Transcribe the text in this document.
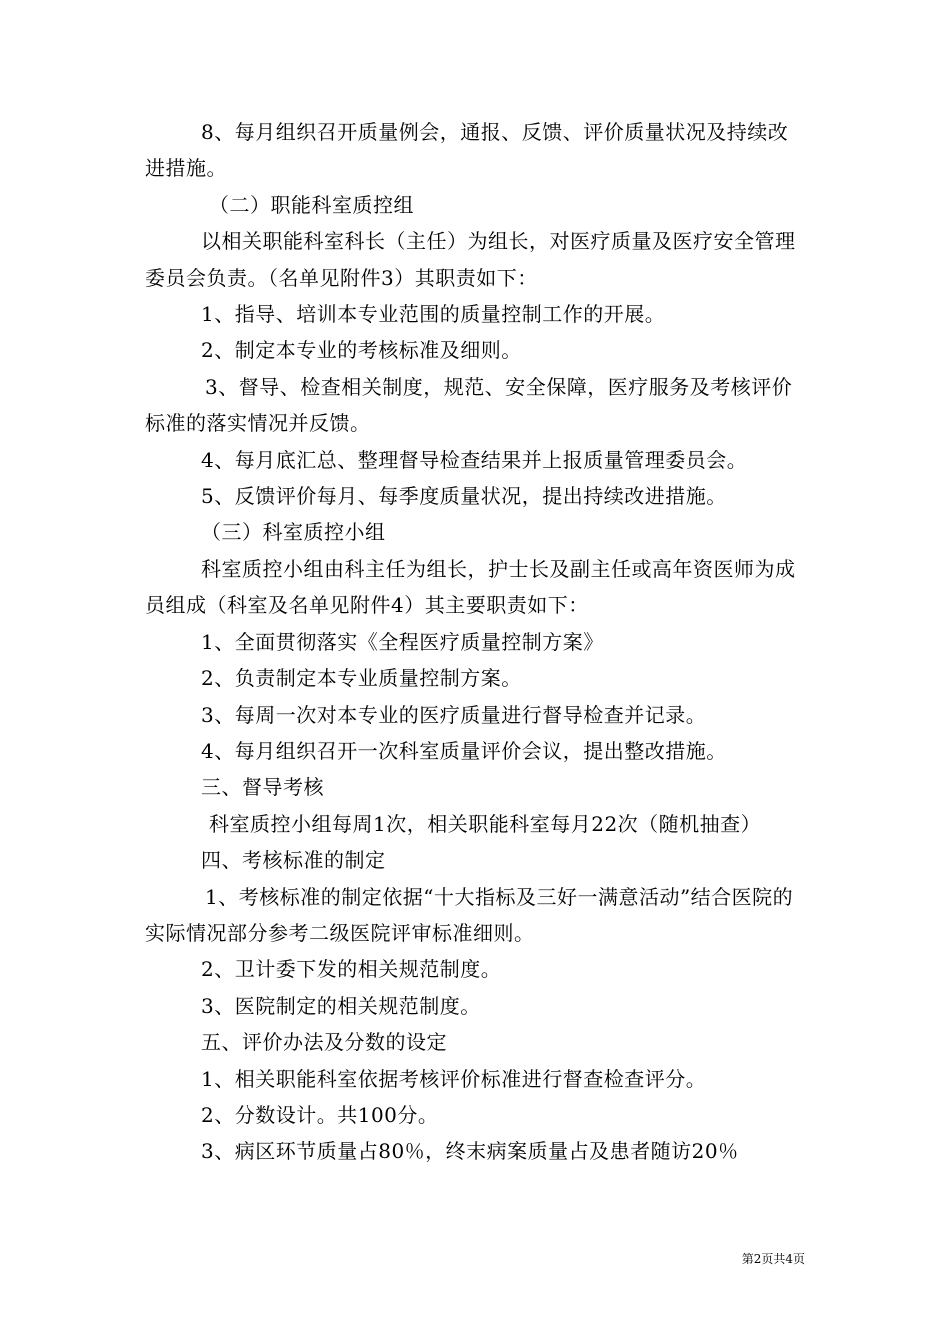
8、每月组织召开质量例会，通报、反馈、评价质量状况及持续改进措施。

（二）职能科室质控组

以相关职能科室科长（主任）为组长，对医疗质量及医疗安全管理委员会负责。（名单见附件3）其职责如下：

1、指导、培训本专业范围的质量控制工作的开展。

2、制定本专业的考核标准及细则。

3、督导、检查相关制度，规范、安全保障，医疗服务及考核评价标准的落实情况并反馈。

4、每月底汇总、整理督导检查结果并上报质量管理委员会。

5、反馈评价每月、每季度质量状况，提出持续改进措施。

（三）科室质控小组

科室质控小组由科主任为组长，护士长及副主任或高年资医师为成员组成（科室及名单见附件4）其主要职责如下：

1、全面贯彻落实《全程医疗质量控制方案》

2、负责制定本专业质量控制方案。

3、每周一次对本专业的医疗质量进行督导检查并记录。

4、每月组织召开一次科室质量评价会议，提出整改措施。

三、督导考核

科室质控小组每周1次，相关职能科室每月22次（随机抽查）

四、考核标准的制定

1、考核标准的制定依据“十大指标及三好一满意活动”结合医院的实际情况部分参考二级医院评审标准细则。

2、卫计委下发的相关规范制度。

3、医院制定的相关规范制度。

五、评价办法及分数的设定

1、相关职能科室依据考核评价标准进行督查检查评分。

2、分数设计。共100分。

3、病区环节质量占80％，终末病案质量占及患者随访20％

第2页共4页
